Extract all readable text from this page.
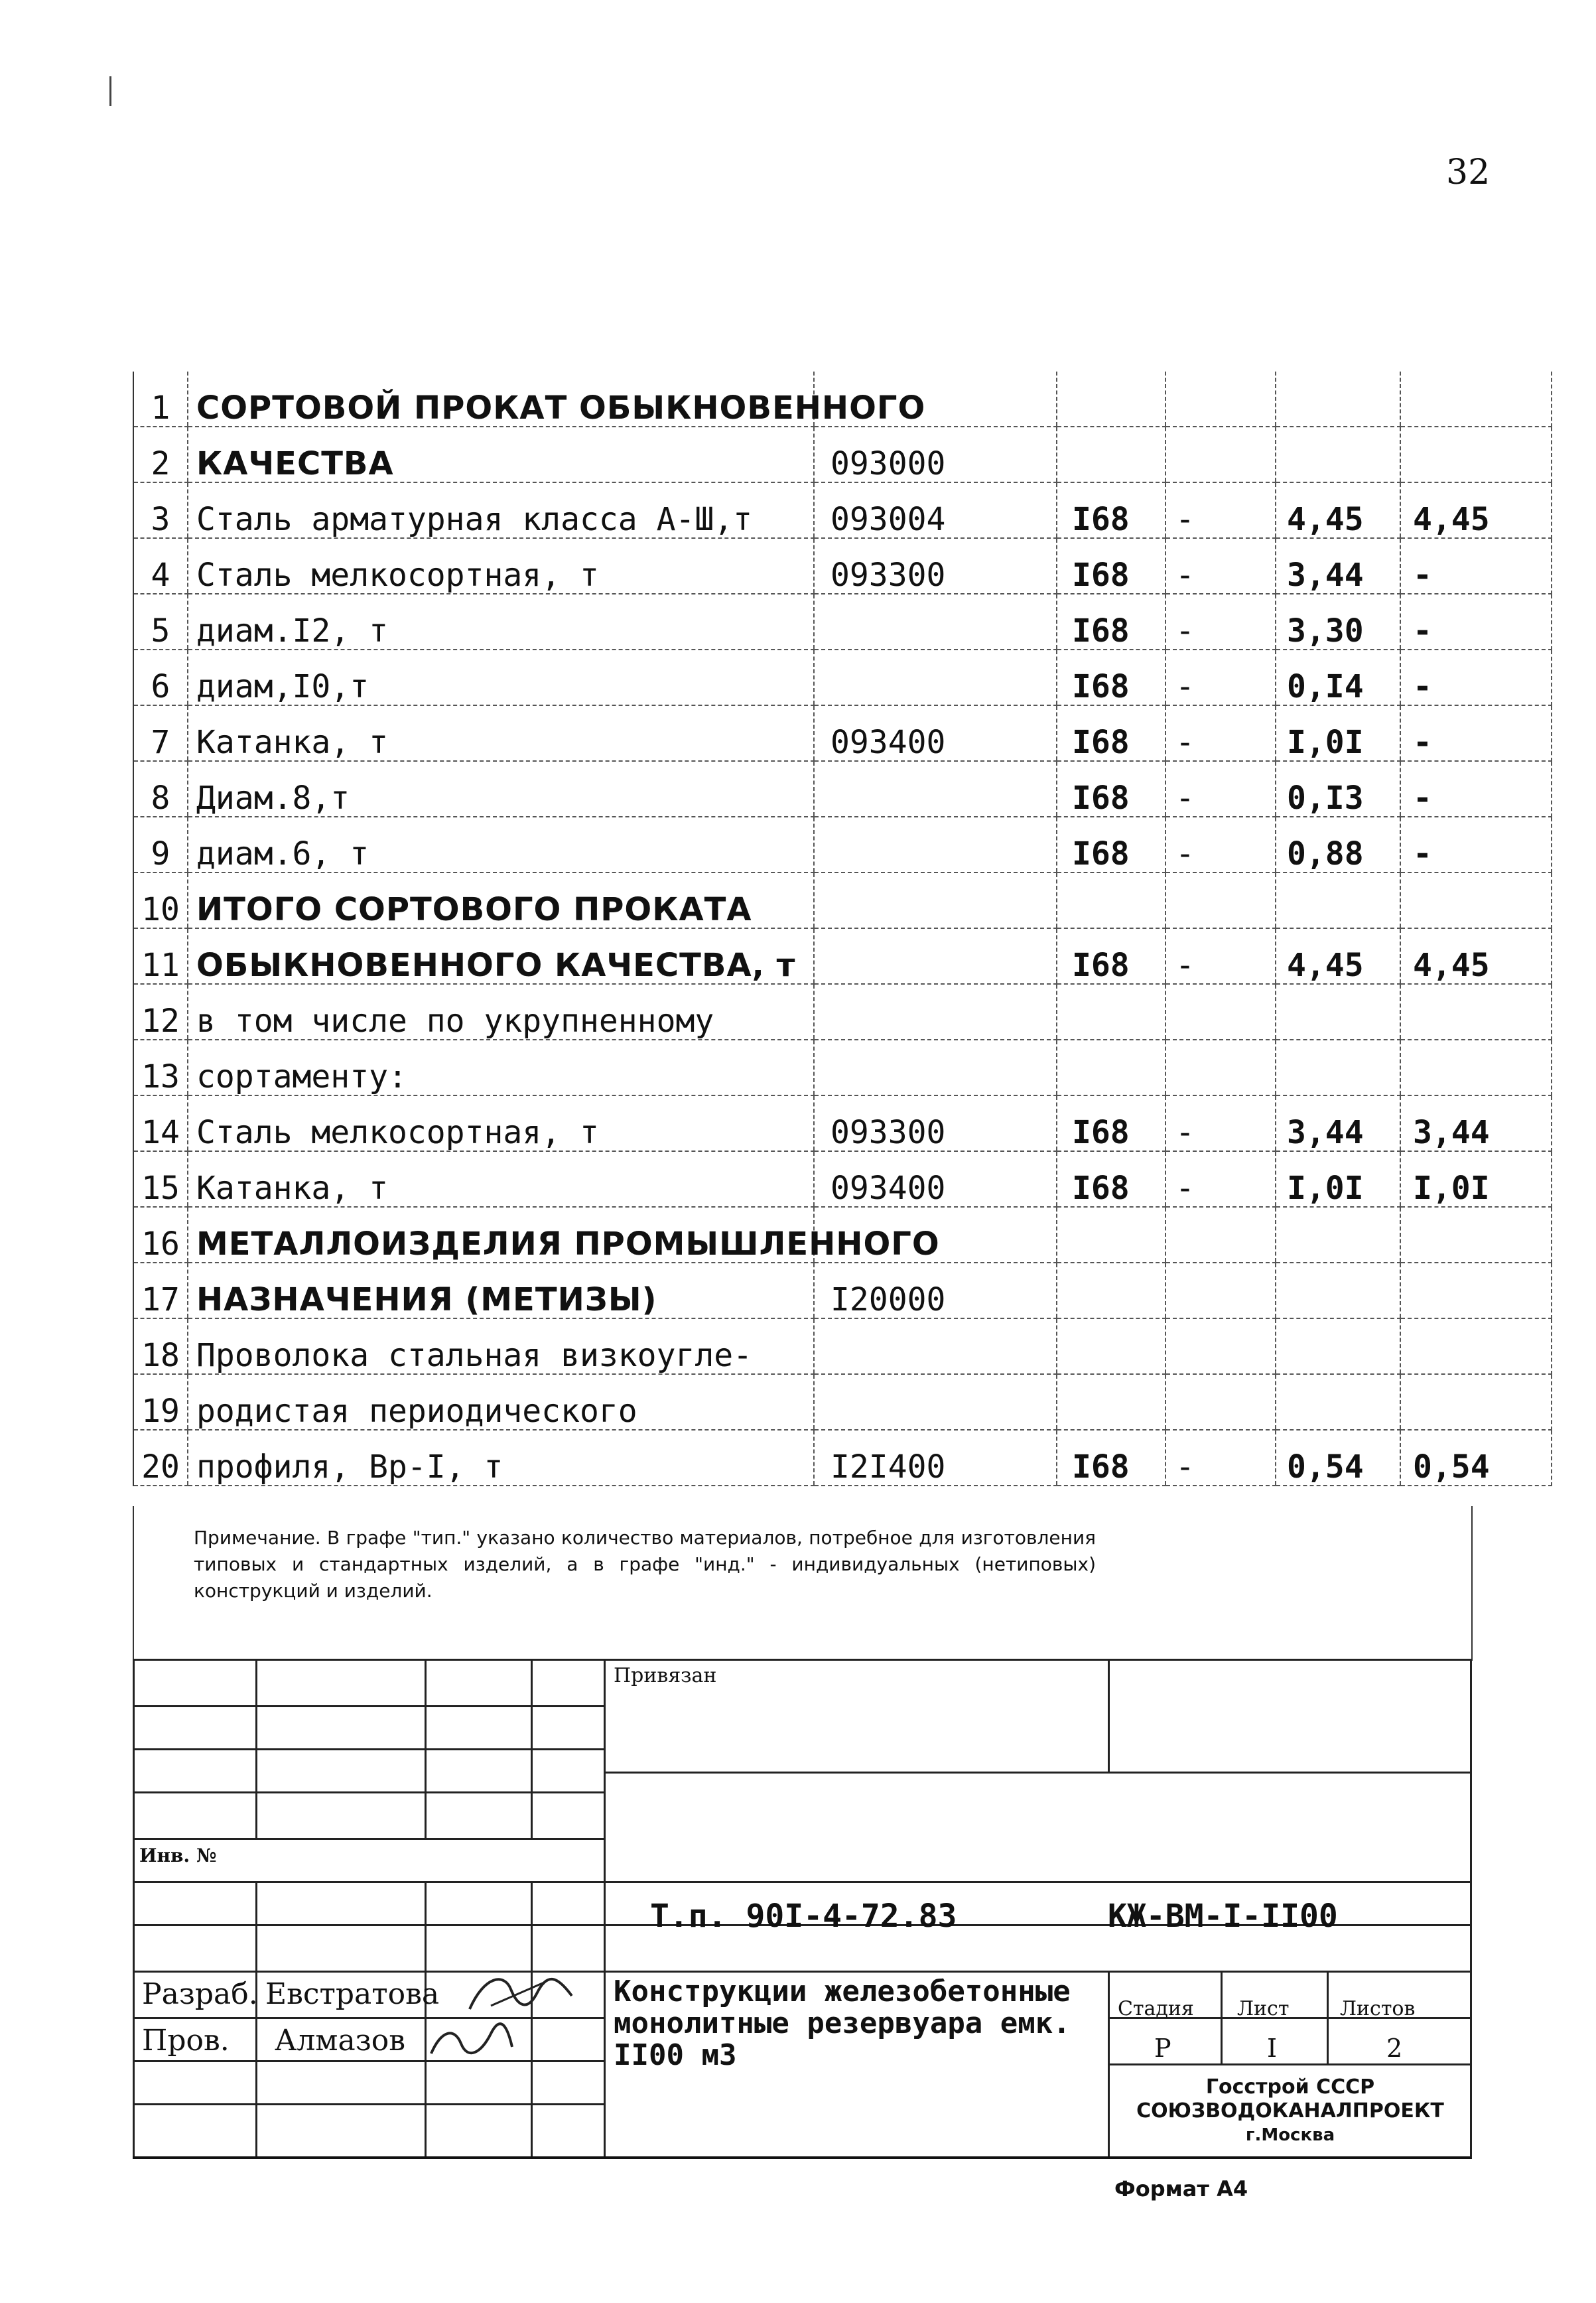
32
1	СОРТОВОЙ ПРОКАТ ОБЫКНОВЕННОГО					
2	КАЧЕСТВА	093000				
3	Сталь арматурная класса А-Ш,т	093004	I68	-	4,45	4,45
4	Сталь мелкосортная, т	093300	I68	-	3,44	-
5	диам.I2, т		I68	-	3,30	-
6	диам,I0,т		I68	-	0,I4	-
7	Катанка, т	093400	I68	-	I,0I	-
8	Диам.8,т		I68	-	0,I3	-
9	диам.6, т		I68	-	0,88	-
10	ИТОГО СОРТОВОГО ПРОКАТА					
11	ОБЫКНОВЕННОГО КАЧЕСТВА, т		I68	-	4,45	4,45
12	в том числе по укрупненному					
13	сортаменту:					
14	Сталь мелкосортная, т	093300	I68	-	3,44	3,44
15	Катанка, т	093400	I68	-	I,0I	I,0I
16	МЕТАЛЛОИЗДЕЛИЯ ПРОМЫШЛЕННОГО					
17	НАЗНАЧЕНИЯ (МЕТИЗЫ)	I20000				
18	Проволока стальная визкоугле-					
19	родистая периодического					
20	профиля, Вр-I, т	I2I400	I68	-	0,54	0,54
Примечание. В графе "тип." указано количество материалов, потребное для изготовления типовых и стандартных изделий, а в графе "инд." - индивидуальных (нетиповых) конструкций и изделий.
Привязан
Инв. №
Т.п. 90I-4-72.83	КЖ-ВМ-I-II00
Разраб. Евстратова
Пров. Алмазов
Конструкции железобетонные
монолитные резервуара емк.
II00 м3
Стадия Лист	Листов
Р	I	2
Госстрой СССР
СОЮЗВОДОКАНАЛПРОЕКТ
г.Москва
Формат А4
